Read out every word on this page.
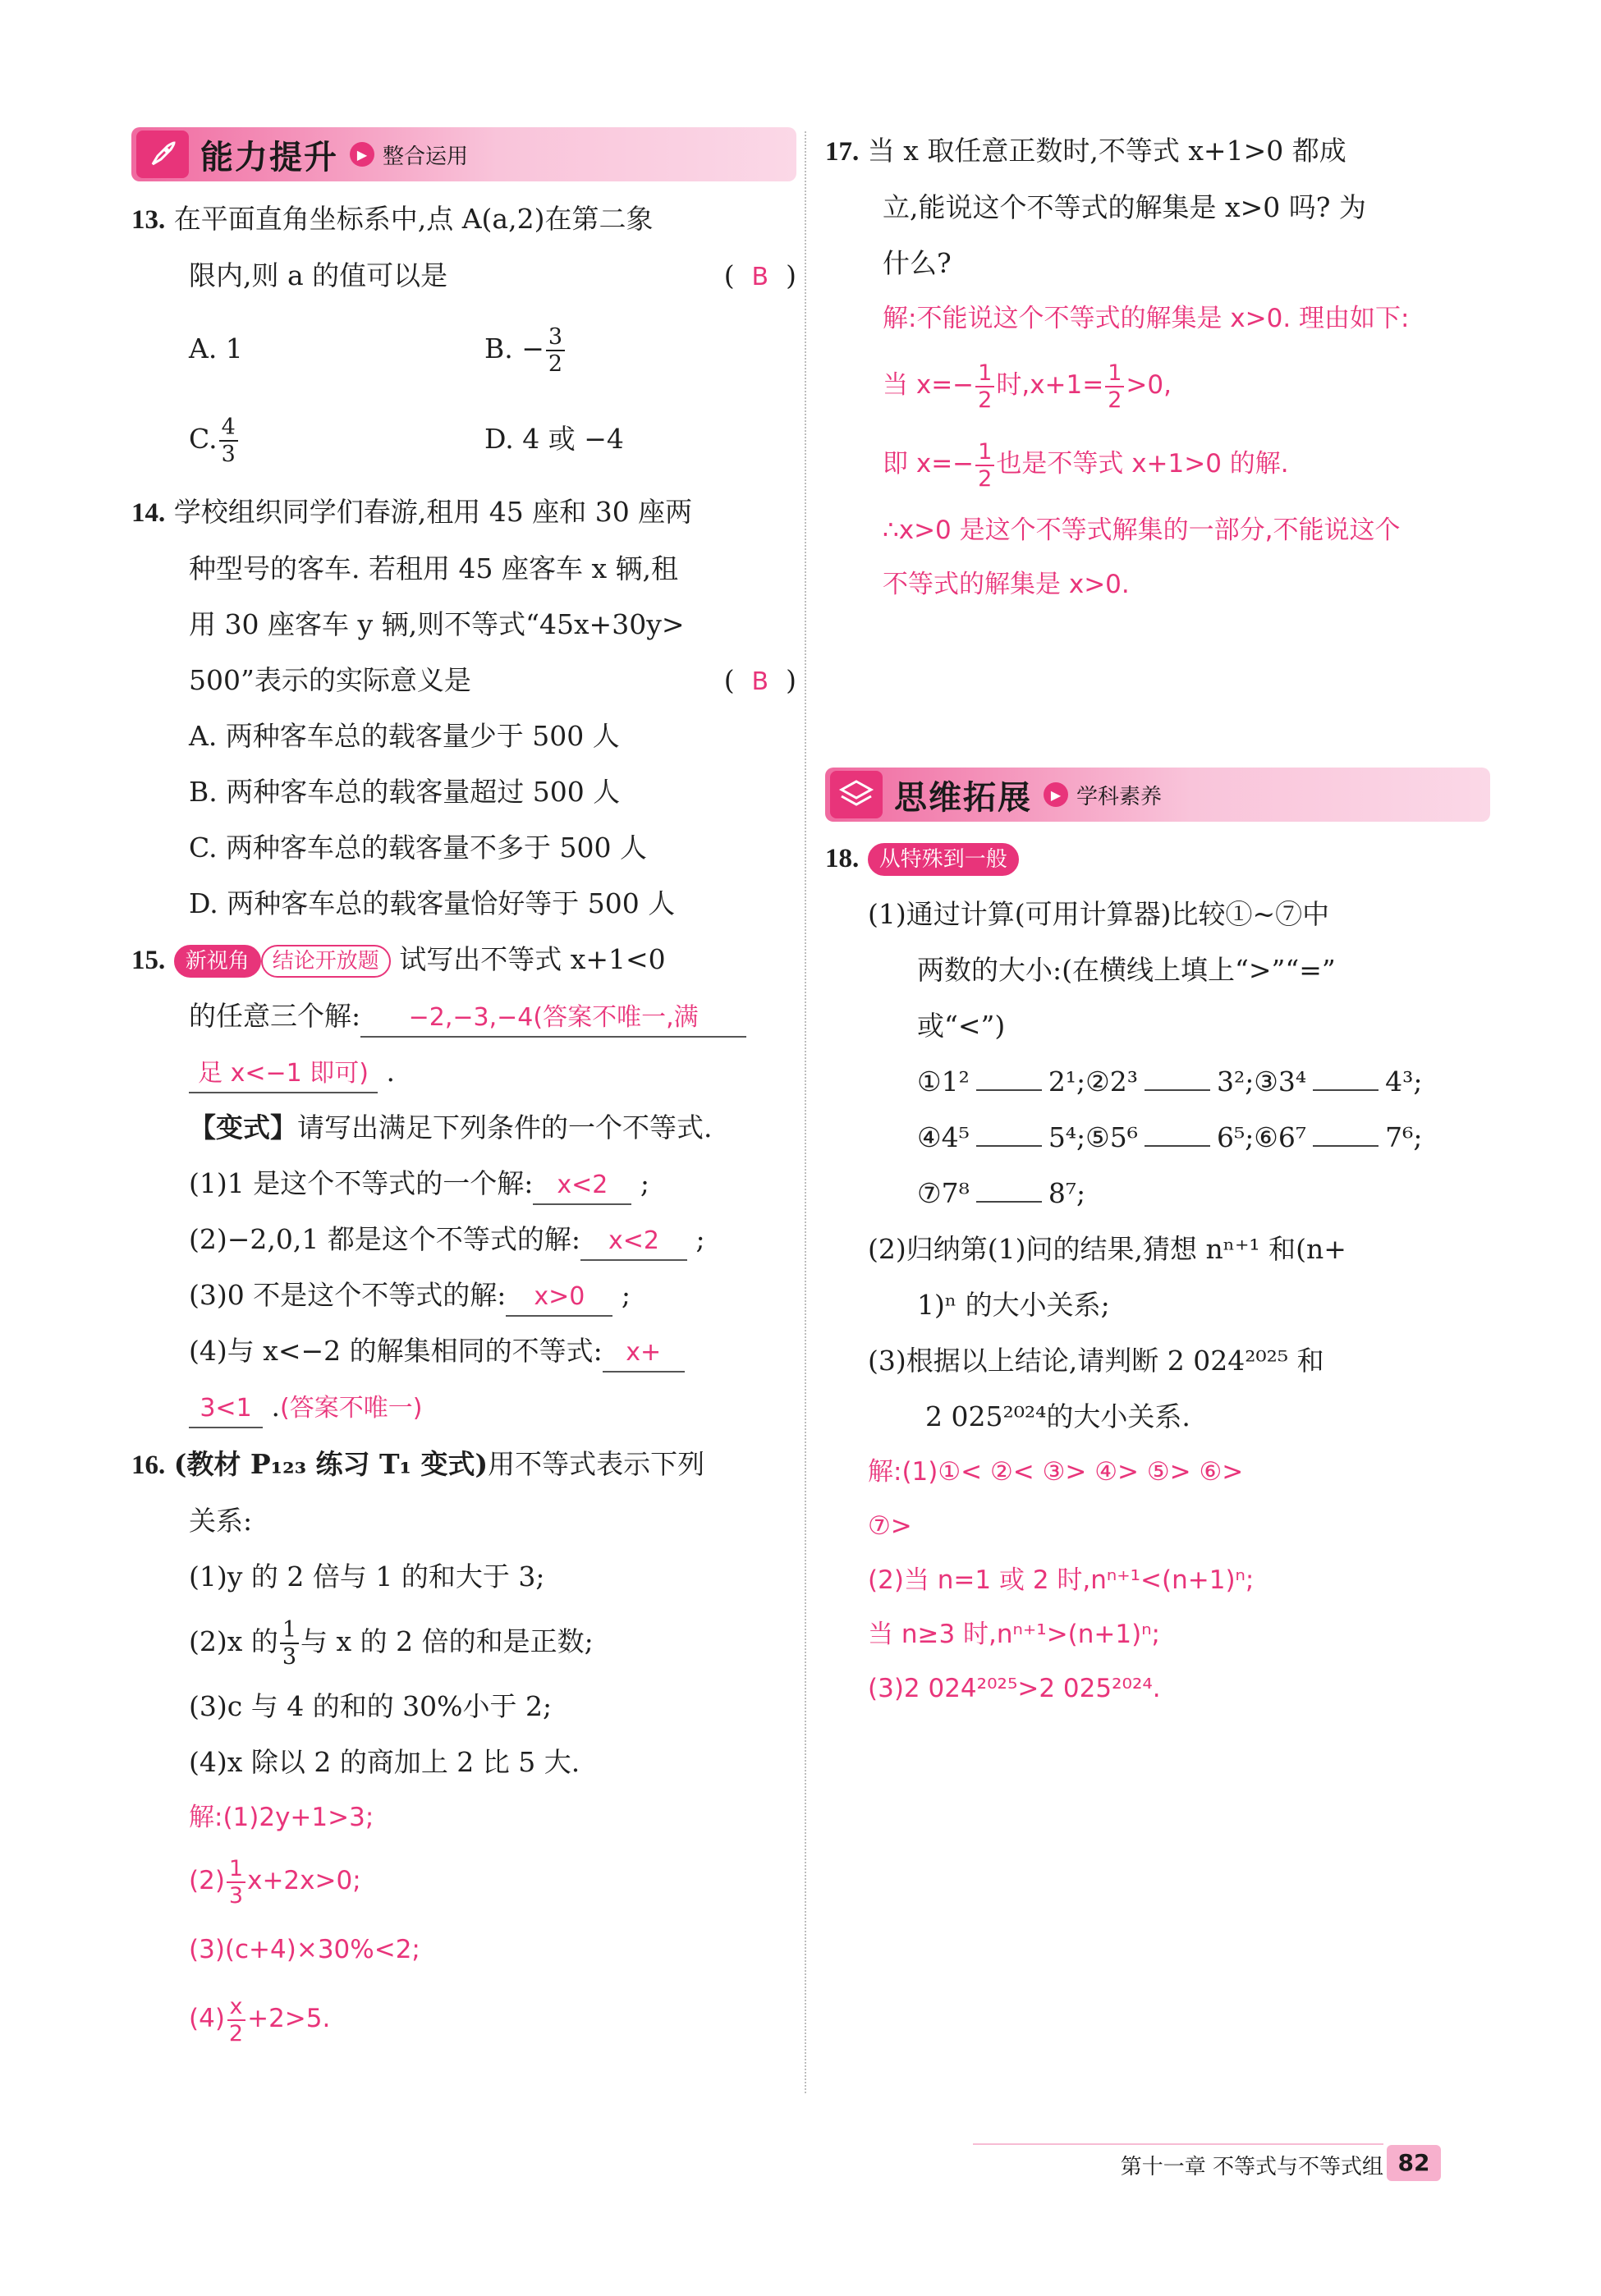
能力提升	▶ 整合运用
13. 在平面直角坐标系中,点 A(a,2)在第二象
限内,则 a 的值可以是	(  B  )
A. 1	B. − $\frac{3}{2}$
C. $\frac{4}{3}$	D. 4 或 −4
14. 学校组织同学们春游,租用 45 座和 30 座两
种型号的客车. 若租用 45 座客车 x 辆,租
用 30 座客车 y 辆,则不等式“45x+30y>
500”表示的实际意义是	(  B  )
A. 两种客车总的载客量少于 500 人
B. 两种客车总的载客量超过 500 人
C. 两种客车总的载客量不多于 500 人
D. 两种客车总的载客量恰好等于 500 人
15. 新视角 结论开放题 试写出不等式 x+1<0
的任意三个解: −2,−3,−4(答案不唯一,满
足 x<−1 即可) .
【变式】请写出满足下列条件的一个不等式.
(1)1 是这个不等式的一个解: x<2 ;
(2)−2,0,1 都是这个不等式的解: x<2 ;
(3)0 不是这个不等式的解: x>0 ;
(4)与 x<−2 的解集相同的不等式: x+
3<1 .(答案不唯一)
16. (教材 P₁₂₃ 练习 T₁ 变式)用不等式表示下列
关系:
(1)y 的 2 倍与 1 的和大于 3;
(2)x 的 $\frac{1}{3}$ 与 x 的 2 倍的和是正数;
(3)c 与 4 的和的 30%小于 2;
(4)x 除以 2 的商加上 2 比 5 大.
解:(1)2y+1>3;
$(2) \frac{1}{3} x+2x>0$;
(3)(c+4)×30%<2;
$(4) \frac{x}{2} +2>5$.
17. 当 x 取任意正数时,不等式 x+1>0 都成
立,能说这个不等式的解集是 x>0 吗? 为
什么?
解:不能说这个不等式的解集是 x>0. 理由如下:
当 $x=- \frac{1}{2}$ 时$,x+1= \frac{1}{2} >0$,
即 $x=- \frac{1}{2}$ 也是不等式 x+1>0 的解.
∴x>0 是这个不等式解集的一部分,不能说这个
不等式的解集是 x>0.
思维拓展	▶ 学科素养
18. 从特殊到一般
(1)通过计算(可用计算器)比较①~⑦中
两数的大小:(在横线上填上“>”“=”
或“<”)
①1²	2¹;②2³	3²;③3⁴	4³;
④4⁵	5⁴;⑤5⁶	6⁵;⑥6⁷	7⁶;
⑦7⁸	8⁷;
(2)归纳第(1)问的结果,猜想 nⁿ⁺¹ 和(n+
1)ⁿ 的大小关系;
(3)根据以上结论,请判断 2 024²⁰²⁵ 和
2 025²⁰²⁴的大小关系.
解:(1)①< ②< ③> ④> ⑤> ⑥>
⑦>
(2)当 n=1 或 2 时,nⁿ⁺¹<(n+1)ⁿ;
当 n≥3 时,nⁿ⁺¹>(n+1)ⁿ;
(3)2 024²⁰²⁵>2 025²⁰²⁴.
第十一章 不等式与不等式组 82
